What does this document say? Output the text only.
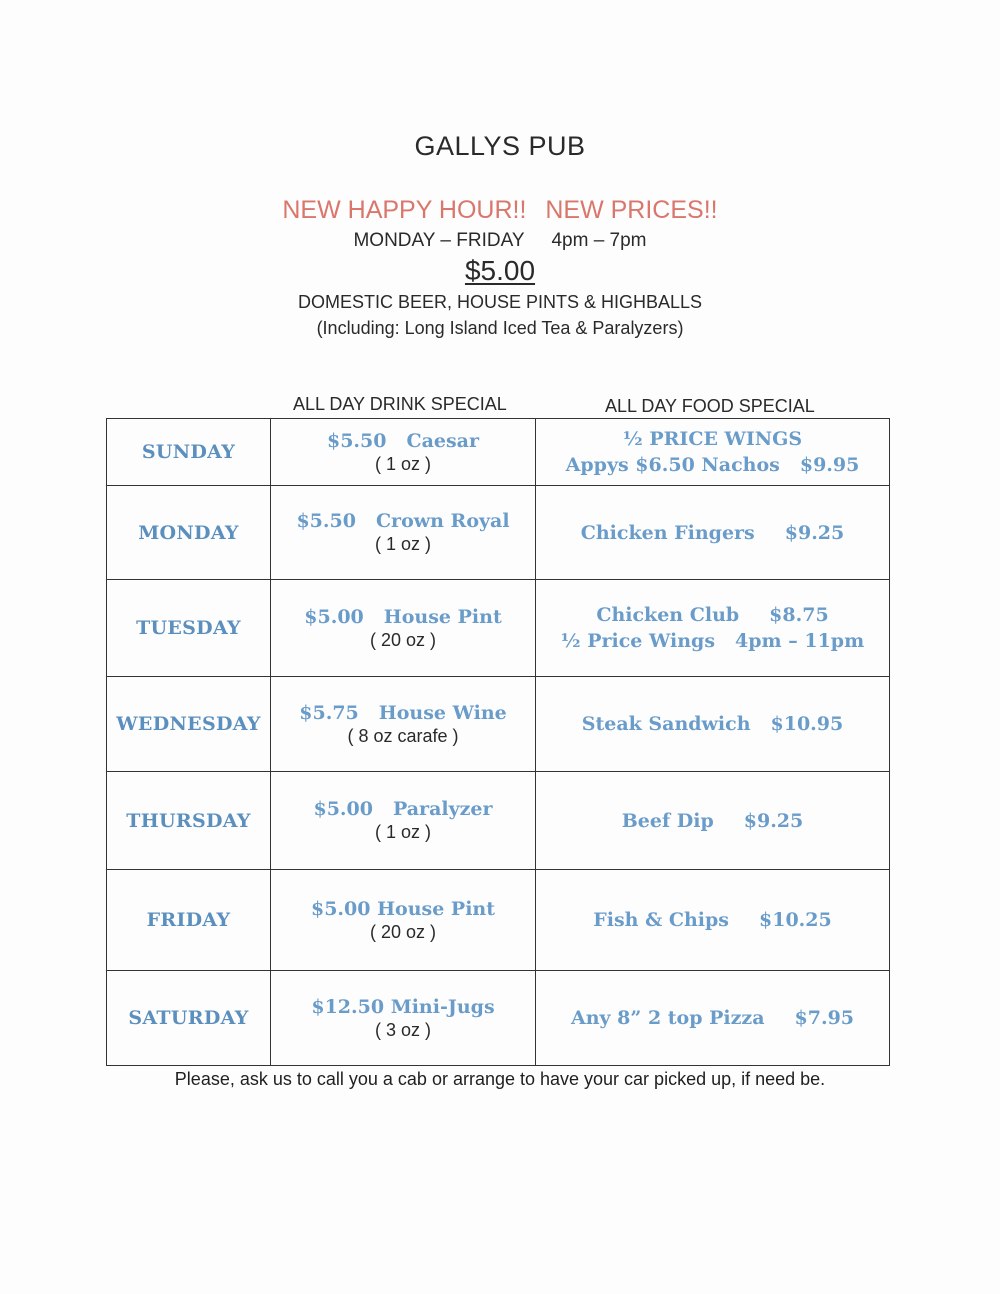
GALLYS PUB
NEW HAPPY HOUR!! NEW PRICES!!
MONDAY – FRIDAY 4pm – 7pm
$5.00
DOMESTIC BEER, HOUSE PINTS & HIGHBALLS
(Including: Long Island Iced Tea & Paralyzers)
ALL DAY DRINK SPECIAL	ALL DAY FOOD SPECIAL
SUNDAY
$5.50 Caesar
( 1 oz )
½ PRICE WINGS
Appys $6.50 Nachos $9.95
MONDAY
$5.50 Crown Royal
( 1 oz )
Chicken Fingers $9.25
TUESDAY
$5.00 House Pint
( 20 oz )
Chicken Club $8.75
½ Price Wings 4pm – 11pm
WEDNESDAY
$5.75 House Wine
( 8 oz carafe )
Steak Sandwich $10.95
THURSDAY
$5.00 Paralyzer
( 1 oz )
Beef Dip $9.25
FRIDAY
$5.00 House Pint
( 20 oz )
Fish & Chips $10.25
SATURDAY
$12.50 Mini-Jugs
( 3 oz )
Any 8” 2 top Pizza $7.95
Please, ask us to call you a cab or arrange to have your car picked up, if need be.
